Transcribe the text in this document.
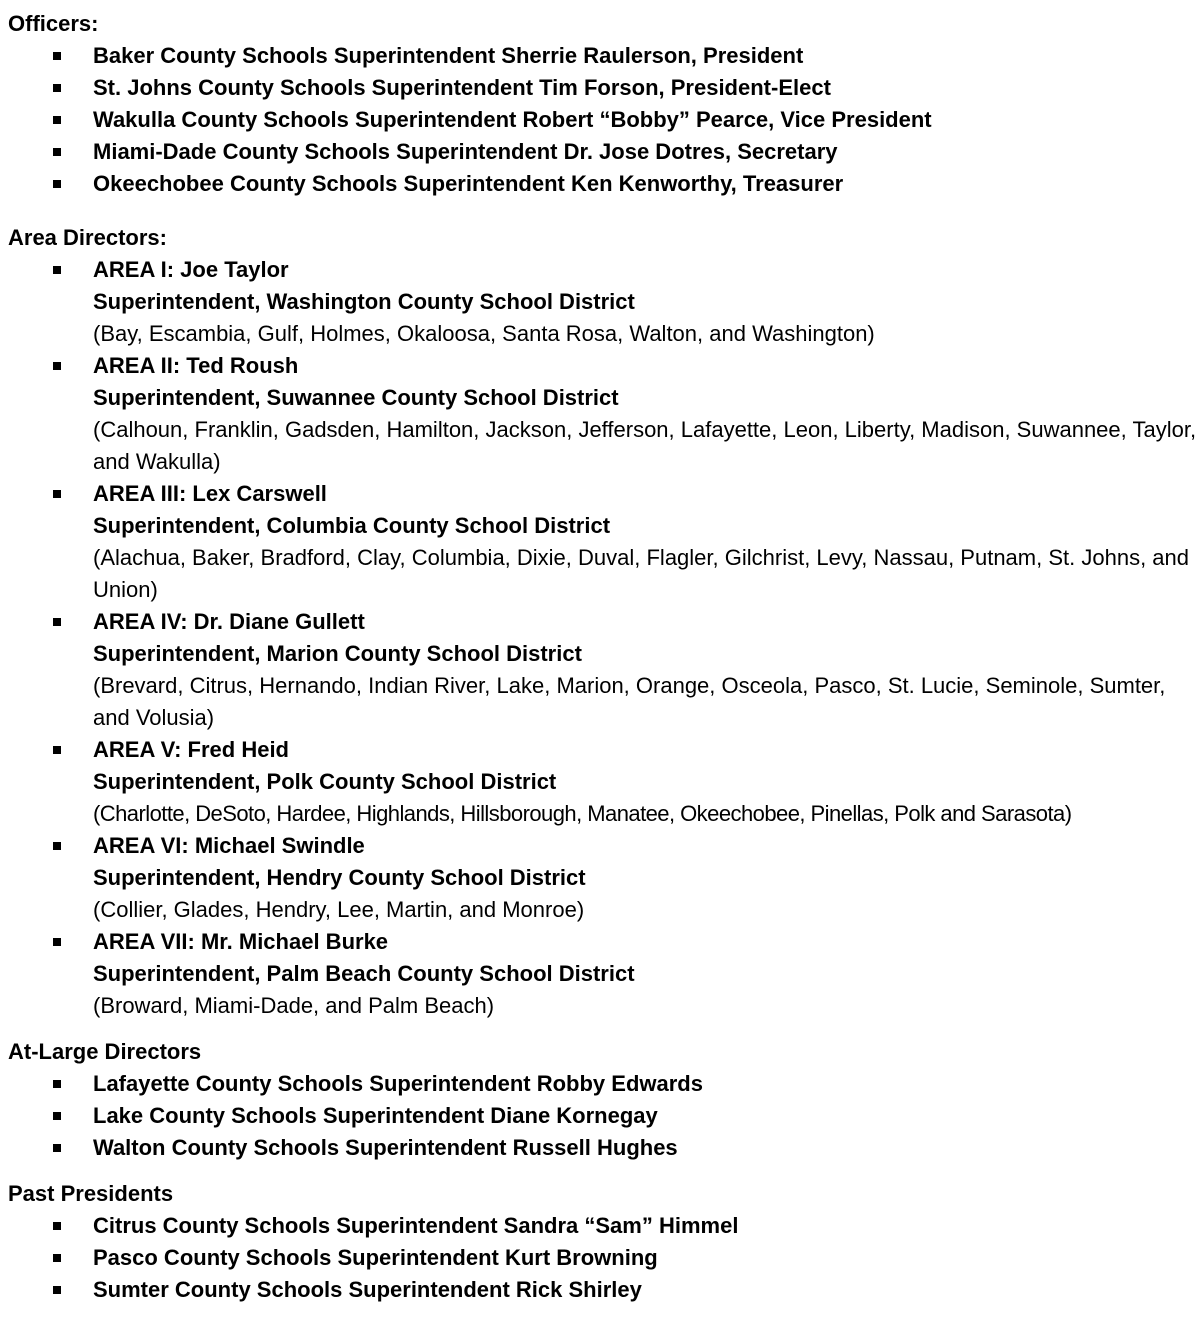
Officers:
Baker County Schools Superintendent Sherrie Raulerson, President
St. Johns County Schools Superintendent Tim Forson, President-Elect
Wakulla County Schools Superintendent Robert “Bobby” Pearce, Vice President
Miami-Dade County Schools Superintendent Dr. Jose Dotres, Secretary
Okeechobee County Schools Superintendent Ken Kenworthy, Treasurer
Area Directors:
AREA I: Joe Taylor
Superintendent, Washington County School District
(Bay, Escambia, Gulf, Holmes, Okaloosa, Santa Rosa, Walton, and Washington)
AREA II: Ted Roush
Superintendent, Suwannee County School District
(Calhoun, Franklin, Gadsden, Hamilton, Jackson, Jefferson, Lafayette, Leon, Liberty, Madison, Suwannee, Taylor, and Wakulla)
AREA III: Lex Carswell
Superintendent, Columbia County School District
(Alachua, Baker, Bradford, Clay, Columbia, Dixie, Duval, Flagler, Gilchrist, Levy, Nassau, Putnam, St. Johns, and Union)
AREA IV: Dr. Diane Gullett
Superintendent, Marion County School District
(Brevard, Citrus, Hernando, Indian River, Lake, Marion, Orange, Osceola, Pasco, St. Lucie, Seminole, Sumter, and Volusia)
AREA V: Fred Heid
Superintendent, Polk County School District
(Charlotte, DeSoto, Hardee, Highlands, Hillsborough, Manatee, Okeechobee, Pinellas, Polk and Sarasota)
AREA VI: Michael Swindle
Superintendent, Hendry County School District
(Collier, Glades, Hendry, Lee, Martin, and Monroe)
AREA VII: Mr. Michael Burke
Superintendent, Palm Beach County School District
(Broward, Miami-Dade, and Palm Beach)
At-Large Directors
Lafayette County Schools Superintendent Robby Edwards
Lake County Schools Superintendent Diane Kornegay
Walton County Schools Superintendent Russell Hughes
Past Presidents
Citrus County Schools Superintendent Sandra “Sam” Himmel
Pasco County Schools Superintendent Kurt Browning
Sumter County Schools Superintendent Rick Shirley
